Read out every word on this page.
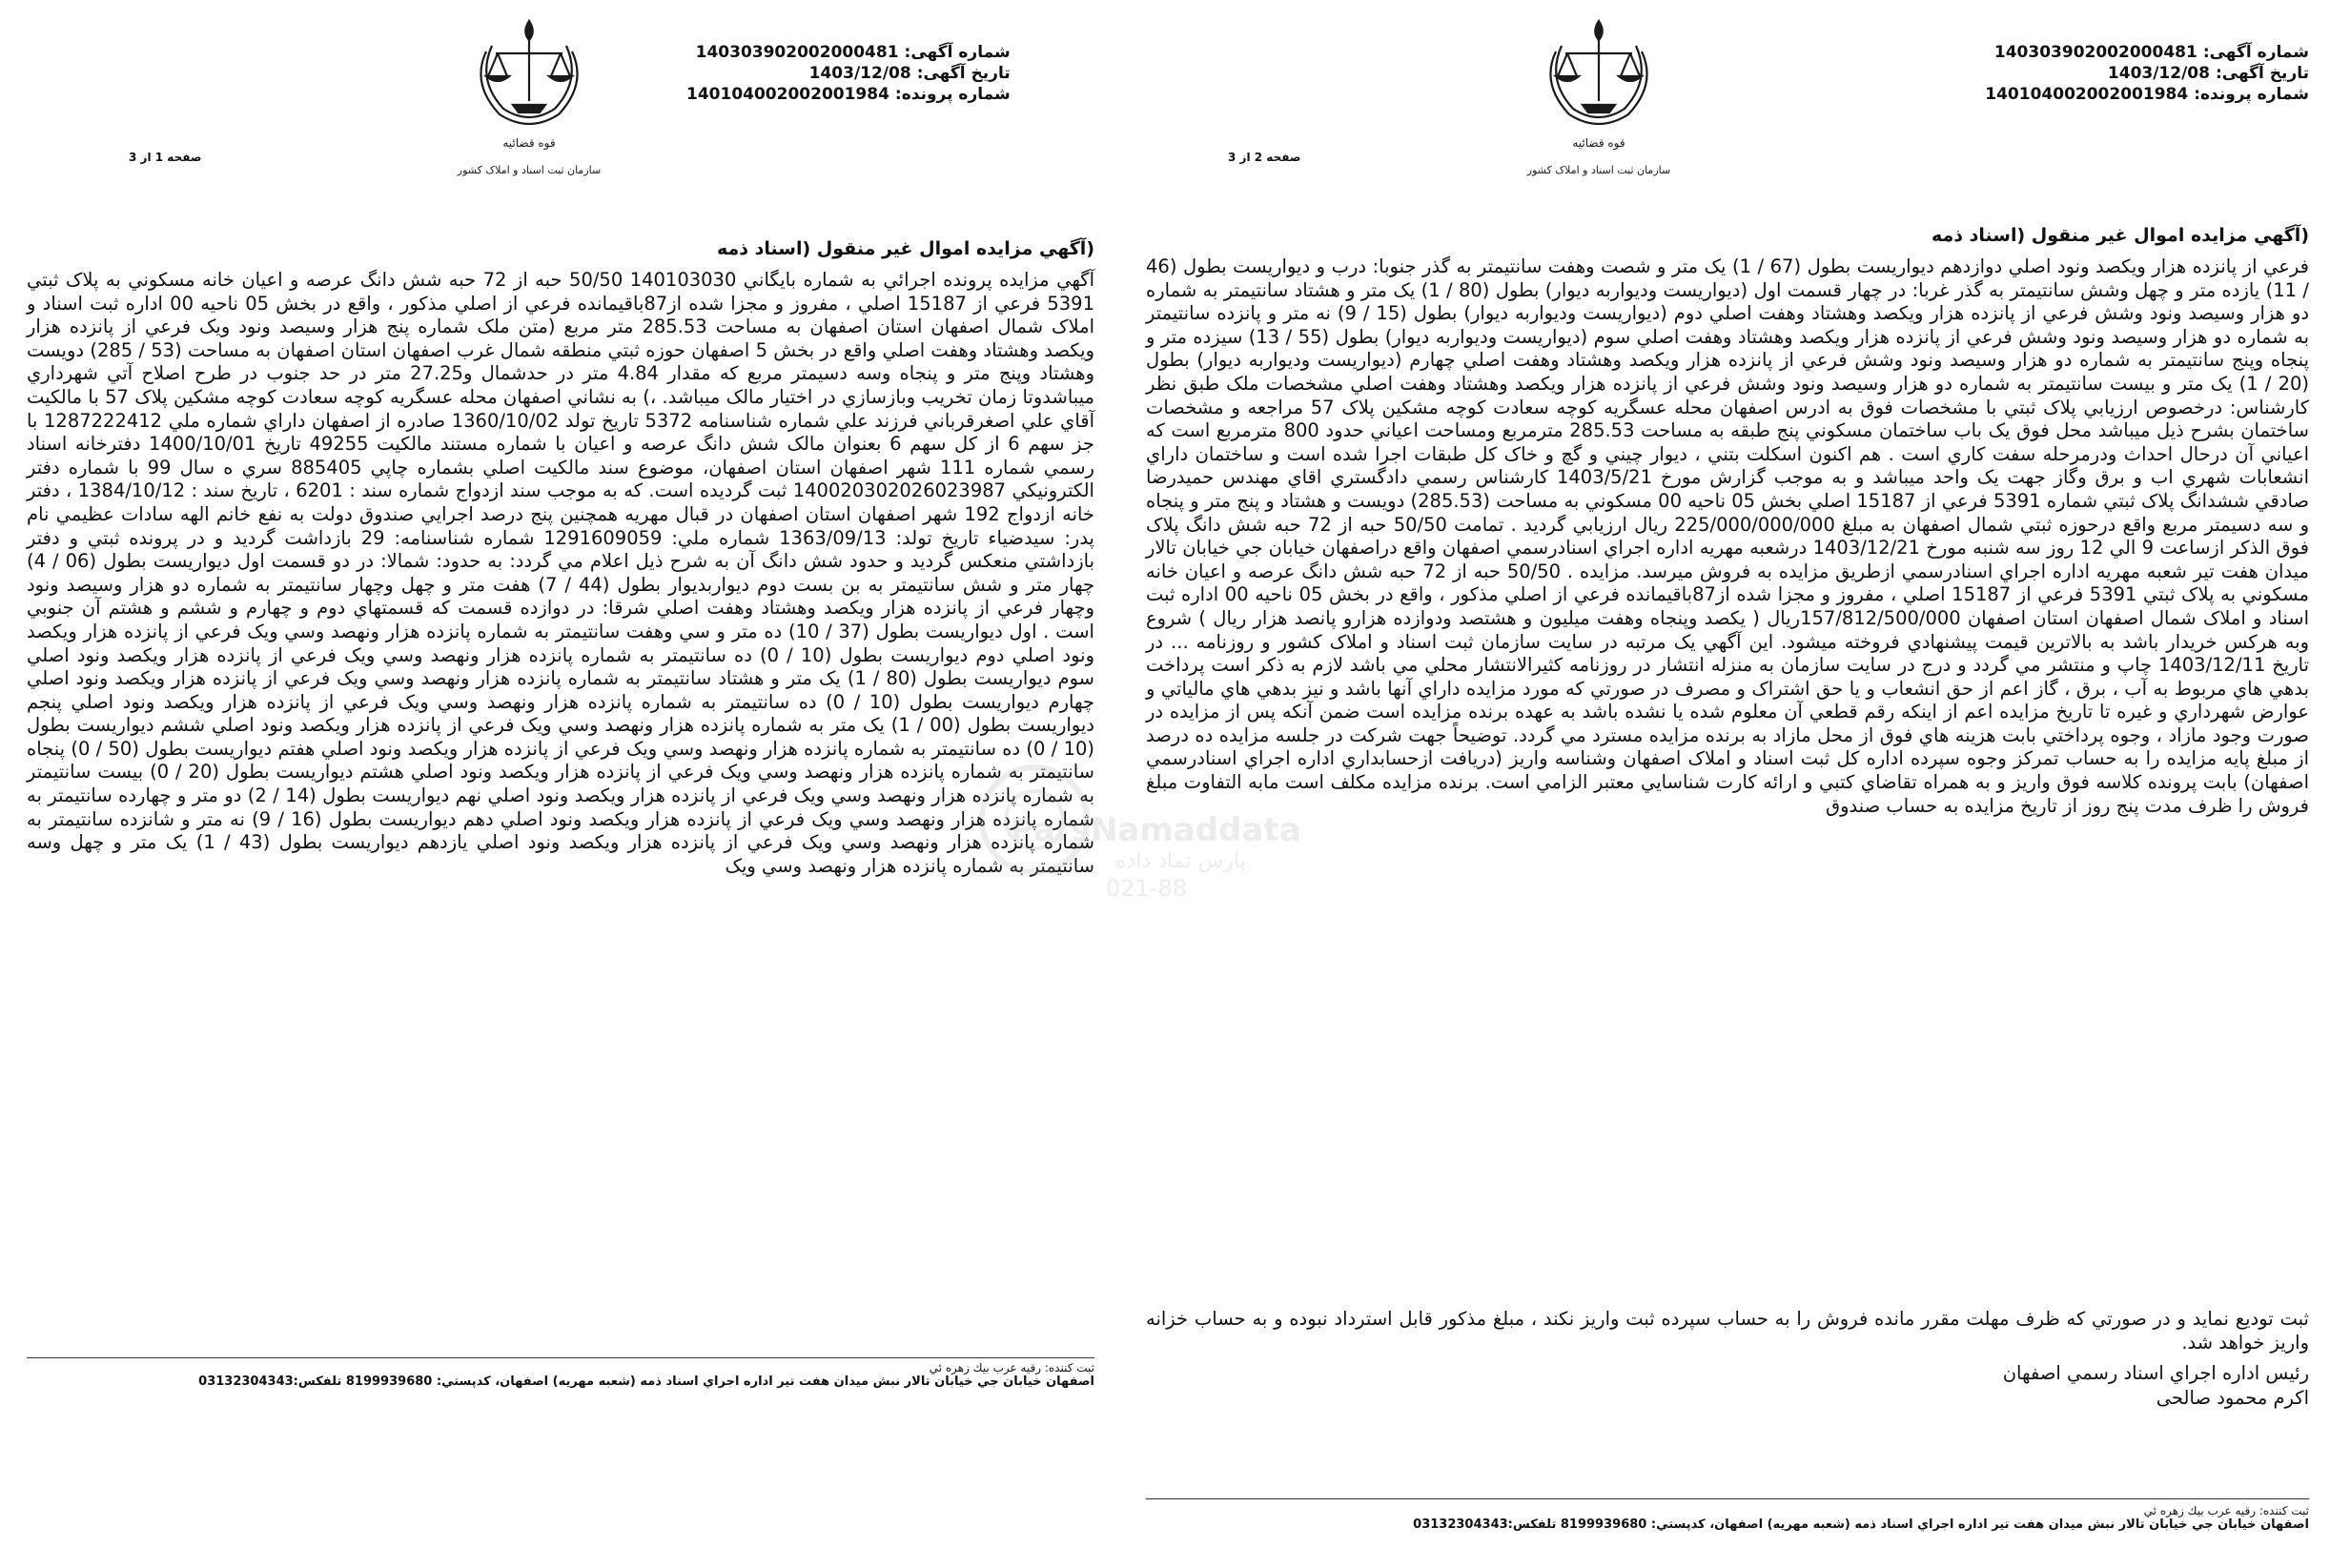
شماره آگهی:140303902002000481
تاریخ آگهی:1403/12/08
شماره پرونده:140104002002001984
قوه قضائیه
سازمان ثبت اسناد و املاک کشور
صفحه 2 از 3
(آگهي مزايده اموال غير منقول (اسناد ذمه
فرعي از پانزده هزار ويکصد ونود اصلي دوازدهم ديواريست بطول (67 / 1) يک متر و شصت وهفت سانتيمتر به گذر جنوبا: درب و ديواريست بطول (46 / 11) يازده متر و چهل وشش سانتيمتر به گذر غربا: در چهار قسمت اول (ديواريست وديواربه ديوار) بطول (80 / 1) يک متر و هشتاد سانتيمتر به شماره دو هزار وسيصد ونود وشش فرعي از پانزده هزار ويکصد وهشتاد وهفت اصلي دوم (ديواريست وديواربه ديوار) بطول (15 / 9) نه متر و پانزده سانتيمتر به شماره دو هزار وسيصد ونود وشش فرعي از پانزده هزار ويکصد وهشتاد وهفت اصلي سوم (ديواريست وديواربه ديوار) بطول (55 / 13) سيزده متر و پنجاه وپنج سانتيمتر به شماره دو هزار وسيصد ونود وشش فرعي از پانزده هزار ويکصد وهشتاد وهفت اصلي چهارم (ديواريست وديواربه ديوار) بطول (20 / 1) يک متر و بيست سانتيمتر به شماره دو هزار وسيصد ونود وشش فرعي از پانزده هزار ويکصد وهشتاد وهفت اصلي مشخصات ملک طبق نظر کارشناس: درخصوص ارزيابي پلاک ثبتي با مشخصات فوق به ادرس اصفهان محله عسگريه کوچه سعادت کوچه مشکين پلاک 57 مراجعه و مشخصات ساختمان بشرح ذيل ميباشد محل فوق يک باب ساختمان مسکوني پنج طبقه به مساحت 285.53 مترمربع ومساحت اعياني حدود 800 مترمربع است که اعياني آن درحال احداث ودرمرحله سفت کاري است . هم اکنون اسکلت بتني ، ديوار چيني و گچ و خاک کل طبقات اجرا شده است و ساختمان داراي انشعابات شهري اب و برق وگاز جهت يک واحد ميباشد و به موجب گزارش مورخ 1403/5/21 کارشناس رسمي دادگستري اقاي مهندس حميدرضا صادقي ششدانگ پلاک ثبتي شماره 5391 فرعي از 15187 اصلي بخش 05 ناحيه 00 مسکوني به مساحت (285.53) دويست و هشتاد و پنج متر و پنجاه و سه دسيمتر مربع واقع درحوزه ثبتي شمال اصفهان به مبلغ 225/000/000/000 ريال ارزيابي گرديد . تمامت 50/50 حبه از 72 حبه شش دانگ پلاک فوق الذکر ازساعت 9 الي 12 روز سه شنبه مورخ 1403/12/21 درشعبه مهريه اداره اجراي اسنادرسمي اصفهان واقع دراصفهان خيابان جي خيابان تالار ميدان هفت تير شعبه مهريه اداره اجراي اسنادرسمي ازطريق مزايده به فروش ميرسد. مزايده . 50/50 حبه از 72 حبه شش دانگ عرصه و اعيان خانه مسکوني به پلاک ثبتي 5391 فرعي از 15187 اصلي ، مفروز و مجزا شده از87باقيمانده فرعي از اصلي مذکور ، واقع در بخش 05 ناحيه 00 اداره ثبت اسناد و املاک شمال اصفهان استان اصفهان 157/812/500/000ريال ( يکصد وپنجاه وهفت ميليون و هشتصد ودوازده هزارو پانصد هزار ريال ) شروع وبه هرکس خريدار باشد به بالاترين قيمت پيشنهادي فروخته ميشود. اين آگهي يک مرتبه در سايت سازمان ثبت اسناد و املاک کشور و روزنامه ... در تاريخ 1403/12/11 چاپ و منتشر مي گردد و درج در سايت سازمان به منزله انتشار در روزنامه کثيرالانتشار محلي مي باشد لازم به ذکر است پرداخت بدهي هاي مربوط به آب ، برق ، گاز اعم از حق انشعاب و يا حق اشتراک و مصرف در صورتي که مورد مزايده داراي آنها باشد و نيز بدهي هاي مالياتي و عوارض شهرداري و غيره تا تاريخ مزايده اعم از اينکه رقم قطعي آن معلوم شده يا نشده باشد به عهده برنده مزايده است ضمن آنکه پس از مزايده در صورت وجود مازاد ، وجوه پرداختي بابت هزينه هاي فوق از محل مازاد به برنده مزايده مسترد مي گردد. توضيحاً جهت شرکت در جلسه مزايده ده درصد از مبلغ پايه مزايده را به حساب تمرکز وجوه سپرده اداره کل ثبت اسناد و املاک اصفهان وشناسه واريز (دريافت ازحسابداري اداره اجراي اسنادرسمي اصفهان) بابت پرونده کلاسه فوق واريز و به همراه تقاضاي کتبي و ارائه کارت شناسايي معتبر الزامي است. برنده مزايده مکلف است مابه التفاوت مبلغ فروش را ظرف مدت پنج روز از تاريخ مزايده به حساب صندوق
ثبت توديع نمايد و در صورتي که ظرف مهلت مقرر مانده فروش را به حساب سپرده ثبت واريز نکند ، مبلغ مذکور قابل استرداد نبوده و به حساب خزانه واريز خواهد شد.
رئيس اداره اجراي اسناد رسمي اصفهان
اکرم محمود صالحی
ثبت كننده: رقيه عرب بيك زهره ئي
اصفهان خيابان جي خيابان تالار نبش ميدان هفت تير اداره اجراي اسناد ذمه (شعبه مهريه) اصفهان، كدپستي: 8199939680 تلفكس:03132304343
شماره آگهی:140303902002000481
تاریخ آگهی:1403/12/08
شماره پرونده:140104002002001984
قوه قضائیه
سازمان ثبت اسناد و املاک کشور
صفحه 1 از 3
(آگهي مزايده اموال غير منقول (اسناد ذمه
آگهي مزايده پرونده اجرائي به شماره بايگاني 140103030 50/50 حبه از 72 حبه شش دانگ عرصه و اعيان خانه مسکوني به پلاک ثبتي 5391 فرعي از 15187 اصلي ، مفروز و مجزا شده از87باقيمانده فرعي از اصلي مذکور ، واقع در بخش 05 ناحيه 00 اداره ثبت اسناد و املاک شمال اصفهان استان اصفهان به مساحت 285.53 متر مربع (متن ملک شماره پنج هزار وسيصد ونود ويک فرعي از پانزده هزار ويکصد وهشتاد وهفت اصلي واقع در بخش 5 اصفهان حوزه ثبتي منطقه شمال غرب اصفهان استان اصفهان به مساحت (53 / 285) دويست وهشتاد وپنج متر و پنجاه وسه دسيمتر مربع که مقدار 4.84 متر در حدشمال و27.25 متر در حد جنوب در طرح اصلاح آتي شهرداري ميباشدوتا زمان تخريب وبازسازي در اختيار مالک ميباشد. ،) به نشاني اصفهان محله عسگريه کوچه سعادت کوچه مشکين پلاک 57 با مالکيت آقاي علي اصغرقرباني فرزند علي شماره شناسنامه 5372 تاريخ تولد 1360/10/02 صادره از اصفهان داراي شماره ملي 1287222412 با جز سهم 6 از کل سهم 6 بعنوان مالک شش دانگ عرصه و اعيان با شماره مستند مالکيت 49255 تاريخ 1400/10/01 دفترخانه اسناد رسمي شماره 111 شهر اصفهان استان اصفهان، موضوع سند مالکيت اصلي بشماره چاپي 885405 سري ه سال 99 با شماره دفتر الکترونيکي 140020302026023987 ثبت گرديده است. که به موجب سند ازدواج شماره سند : 6201 ، تاريخ سند : 1384/10/12 ، دفتر خانه ازدواج 192 شهر اصفهان استان اصفهان در قبال مهريه همچنين پنج درصد اجرايي صندوق دولت به نفع خانم الهه سادات عظيمي نام پدر: سيدضياء تاريخ تولد: 1363/09/13 شماره ملي: 1291609059 شماره شناسنامه: 29 بازداشت گرديد و در پرونده ثبتي و دفتر بازداشتي منعکس گرديد و حدود شش دانگ آن به شرح ذيل اعلام مي گردد: به حدود: شمالا: در دو قسمت اول ديواريست بطول (06 / 4) چهار متر و شش سانتيمتر به بن بست دوم ديواربديوار بطول (44 / 7) هفت متر و چهل وچهار سانتيمتر به شماره دو هزار وسيصد ونود وچهار فرعي از پانزده هزار ويکصد وهشتاد وهفت اصلي شرقا: در دوازده قسمت که قسمتهاي دوم و چهارم و ششم و هشتم آن جنوبي است . اول ديواريست بطول (37 / 10) ده متر و سي وهفت سانتيمتر به شماره پانزده هزار ونهصد وسي ويک فرعي از پانزده هزار ويکصد ونود اصلي دوم ديواريست بطول (10 / 0) ده سانتيمتر به شماره پانزده هزار ونهصد وسي ويک فرعي از پانزده هزار ويکصد ونود اصلي سوم ديواريست بطول (80 / 1) يک متر و هشتاد سانتيمتر به شماره پانزده هزار ونهصد وسي ويک فرعي از پانزده هزار ويکصد ونود اصلي چهارم ديواريست بطول (10 / 0) ده سانتيمتر به شماره پانزده هزار ونهصد وسي ويک فرعي از پانزده هزار ويکصد ونود اصلي پنجم ديواريست بطول (00 / 1) يک متر به شماره پانزده هزار ونهصد وسي ويک فرعي از پانزده هزار ويکصد ونود اصلي ششم ديواريست بطول (10 / 0) ده سانتيمتر به شماره پانزده هزار ونهصد وسي ويک فرعي از پانزده هزار ويکصد ونود اصلي هفتم ديواريست بطول (50 / 0) پنجاه سانتيمتر به شماره پانزده هزار ونهصد وسي ويک فرعي از پانزده هزار ويکصد ونود اصلي هشتم ديواريست بطول (20 / 0) بيست سانتيمتر به شماره پانزده هزار ونهصد وسي ويک فرعي از پانزده هزار ويکصد ونود اصلي نهم ديواريست بطول (14 / 2) دو متر و چهارده سانتيمتر به شماره پانزده هزار ونهصد وسي ويک فرعي از پانزده هزار ويکصد ونود اصلي دهم ديواريست بطول (16 / 9) نه متر و شانزده سانتيمتر به شماره پانزده هزار ونهصد وسي ويک فرعي از پانزده هزار ويکصد ونود اصلي يازدهم ديواريست بطول (43 / 1) يک متر و چهل وسه سانتيمتر به شماره پانزده هزار ونهصد وسي ويک
ثبت كننده: رقيه عرب بيك زهره ئي
اصفهان خيابان جي خيابان تالار نبش ميدان هفت تير اداره اجراي اسناد ذمه (شعبه مهريه) اصفهان، كدپستي: 8199939680 تلفكس:03132304343
ParsNamaddata
پارس نماد داده
021-88
